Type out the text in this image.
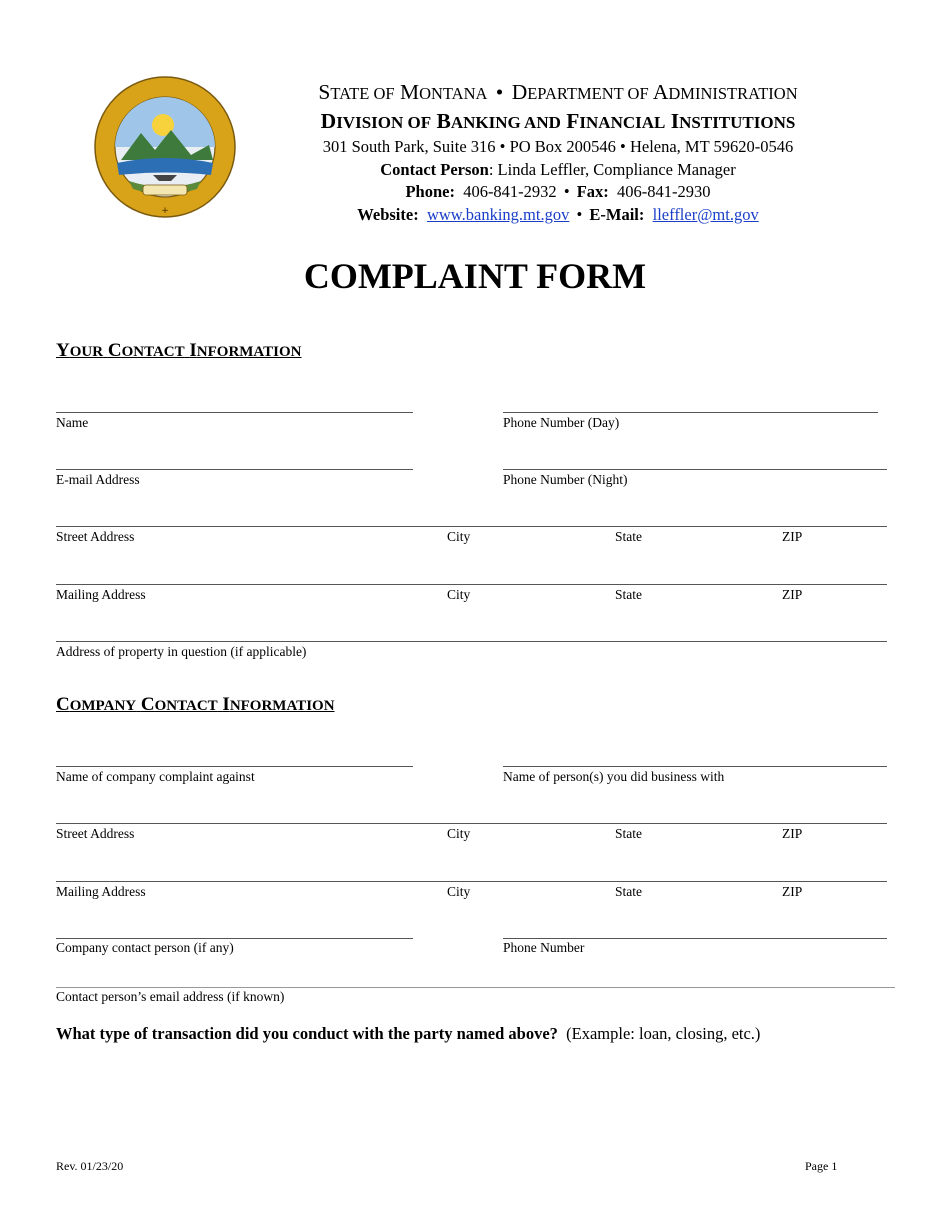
+
STATE OF MONTANA • DEPARTMENT OF ADMINISTRATION
DIVISION OF BANKING AND FINANCIAL INSTITUTIONS
301 South Park, Suite 316 • PO Box 200546 • Helena, MT 59620-0546
Contact Person: Linda Leffler, Compliance Manager
Phone: 406-841-2932 • Fax: 406-841-2930
Website: www.banking.mt.gov • E-Mail: lleffler@mt.gov
COMPLAINT FORM
YOUR CONTACT INFORMATION
Name	Phone Number (Day)
E-mail Address	Phone Number (Night)
Street Address	City	State	ZIP
Mailing Address	City	State	ZIP
Address of property in question (if applicable)
COMPANY CONTACT INFORMATION
Name of company complaint against	Name of person(s) you did business with
Street Address	City	State	ZIP
Mailing Address	City	State	ZIP
Company contact person (if any)	Phone Number
Contact person’s email address (if known)
What type of transaction did you conduct with the party named above? (Example: loan, closing, etc.)
Rev. 01/23/20	Page 1
